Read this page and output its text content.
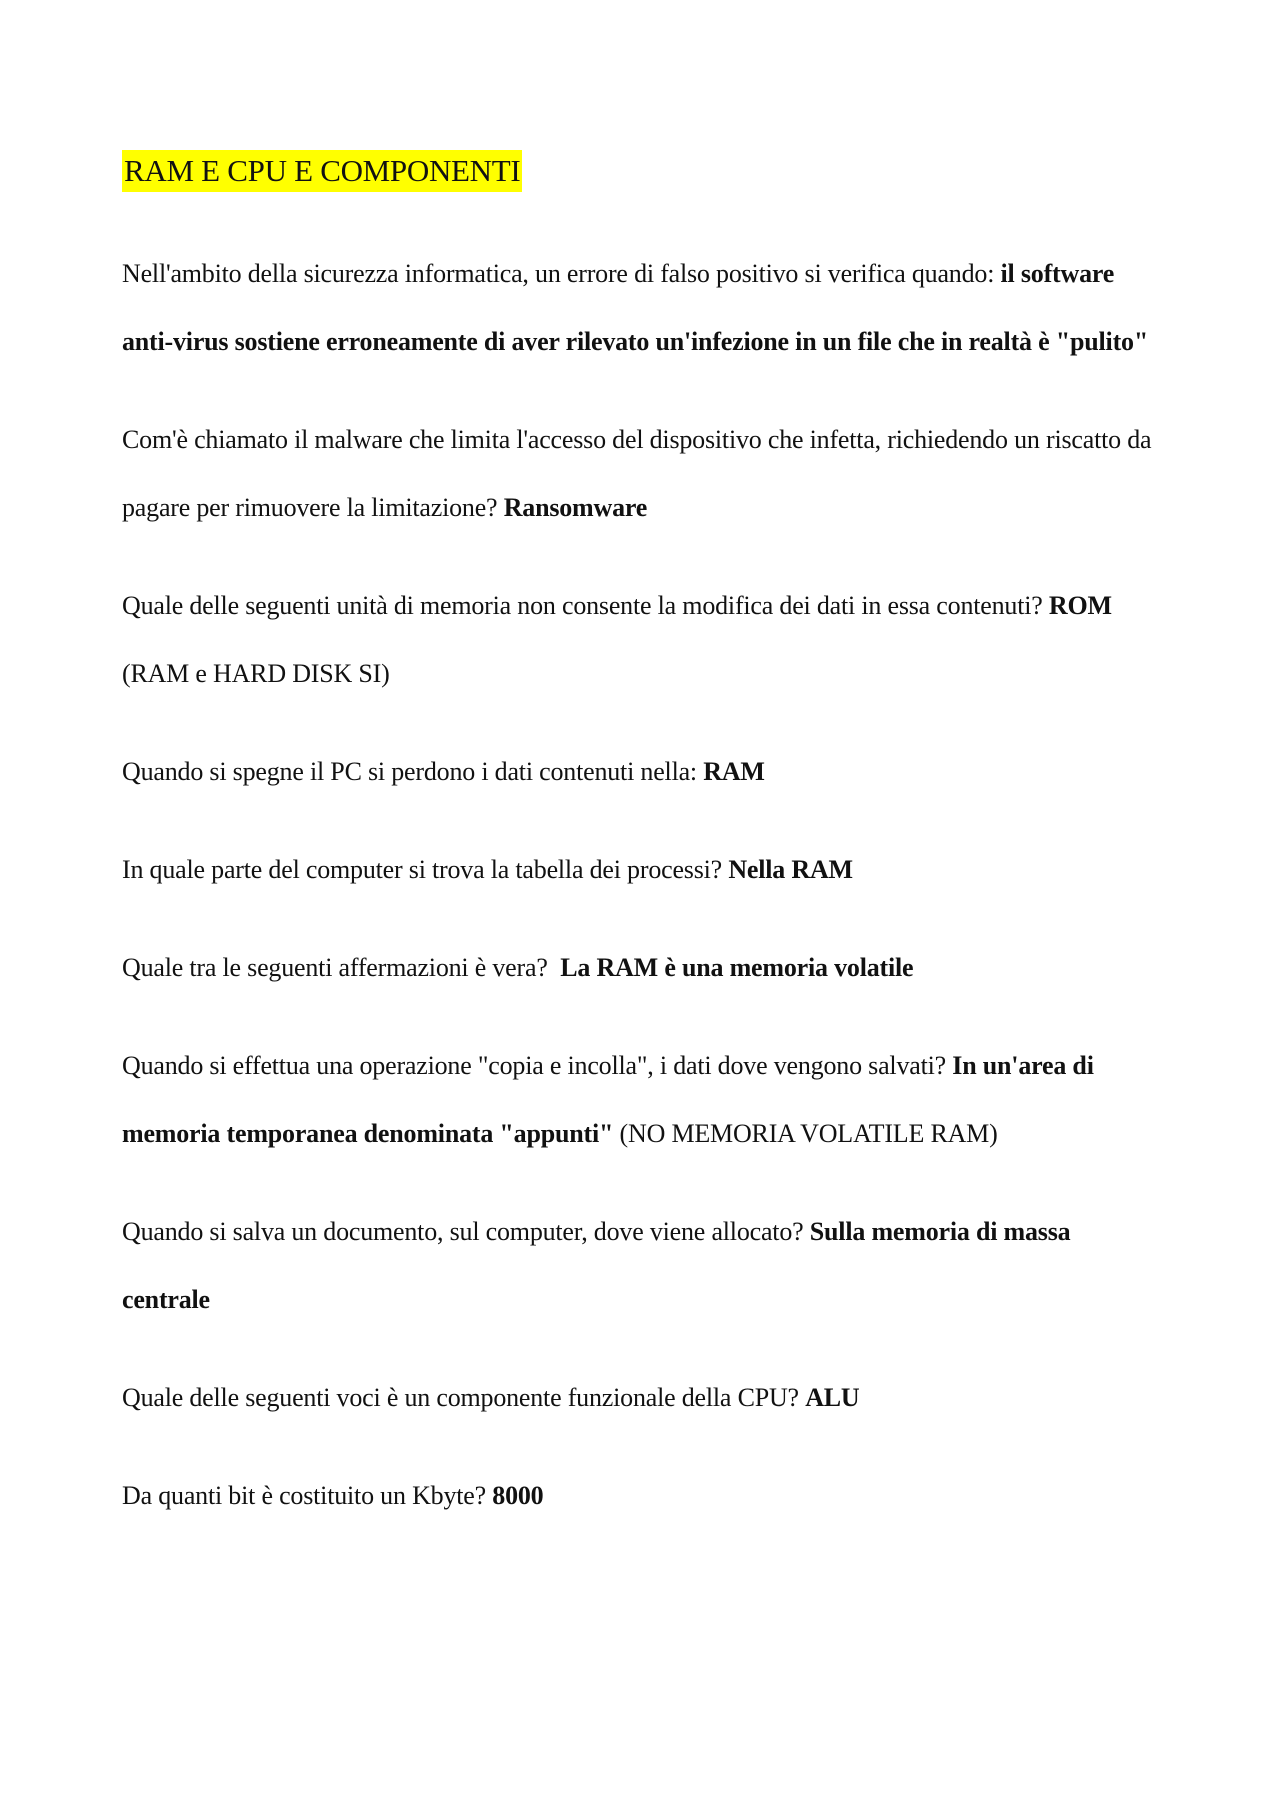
RAM E CPU E COMPONENTI

Nell'ambito della sicurezza informatica, un errore di falso positivo si verifica quando: il software anti-virus sostiene erroneamente di aver rilevato un'infezione in un file che in realtà è "pulito"

Com'è chiamato il malware che limita l'accesso del dispositivo che infetta, richiedendo un riscatto da pagare per rimuovere la limitazione? Ransomware

Quale delle seguenti unità di memoria non consente la modifica dei dati in essa contenuti? ROM (RAM e HARD DISK SI)

Quando si spegne il PC si perdono i dati contenuti nella: RAM

In quale parte del computer si trova la tabella dei processi? Nella RAM

Quale tra le seguenti affermazioni è vera? La RAM è una memoria volatile

Quando si effettua una operazione "copia e incolla", i dati dove vengono salvati? In un'area di memoria temporanea denominata "appunti" (NO MEMORIA VOLATILE RAM)

Quando si salva un documento, sul computer, dove viene allocato? Sulla memoria di massa centrale

Quale delle seguenti voci è un componente funzionale della CPU? ALU

Da quanti bit è costituito un Kbyte? 8000
